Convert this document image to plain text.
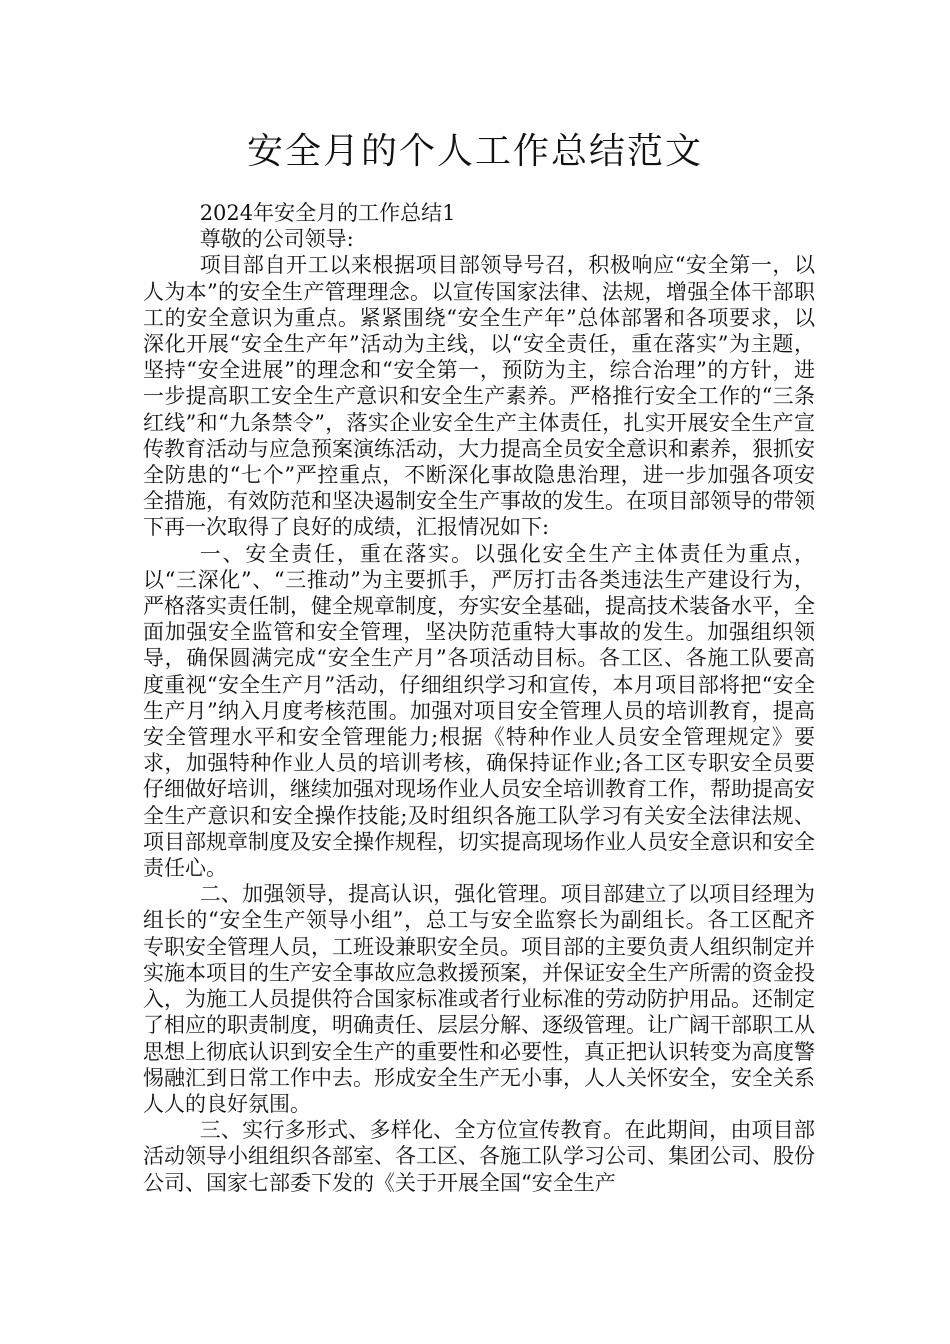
安全月的个人工作总结范文

2024年安全月的工作总结1

尊敬的公司领导:

项目部自开工以来根据项目部领导号召，积极响应“安全第一，以人为本”的安全生产管理理念。以宣传国家法律、法规，增强全体干部职工的安全意识为重点。紧紧围绕“安全生产年”总体部署和各项要求，以深化开展“安全生产年”活动为主线，以“安全责任，重在落实”为主题，坚持“安全进展”的理念和“安全第一，预防为主，综合治理”的方针，进一步提高职工安全生产意识和安全生产素养。严格推行安全工作的“三条红线”和“九条禁令”，落实企业安全生产主体责任，扎实开展安全生产宣传教育活动与应急预案演练活动，大力提高全员安全意识和素养，狠抓安全防患的“七个”严控重点，不断深化事故隐患治理，进一步加强各项安全措施，有效防范和坚决遏制安全生产事故的发生。在项目部领导的带领下再一次取得了良好的成绩，汇报情况如下:

一、安全责任，重在落实。以强化安全生产主体责任为重点，以“三深化”、“三推动”为主要抓手，严厉打击各类违法生产建设行为，严格落实责任制，健全规章制度，夯实安全基础，提高技术装备水平，全面加强安全监管和安全管理，坚决防范重特大事故的发生。加强组织领导，确保圆满完成“安全生产月”各项活动目标。各工区、各施工队要高度重视“安全生产月”活动，仔细组织学习和宣传，本月项目部将把“安全生产月”纳入月度考核范围。加强对项目安全管理人员的培训教育，提高安全管理水平和安全管理能力;根据《特种作业人员安全管理规定》要求，加强特种作业人员的培训考核，确保持证作业;各工区专职安全员要仔细做好培训，继续加强对现场作业人员安全培训教育工作，帮助提高安全生产意识和安全操作技能;及时组织各施工队学习有关安全法律法规、项目部规章制度及安全操作规程，切实提高现场作业人员安全意识和安全责任心。

二、加强领导，提高认识，强化管理。项目部建立了以项目经理为组长的“安全生产领导小组”，总工与安全监察长为副组长。各工区配齐专职安全管理人员，工班设兼职安全员。项目部的主要负责人组织制定并实施本项目的生产安全事故应急救援预案，并保证安全生产所需的资金投入，为施工人员提供符合国家标准或者行业标准的劳动防护用品。还制定了相应的职责制度，明确责任、层层分解、逐级管理。让广阔干部职工从思想上彻底认识到安全生产的重要性和必要性，真正把认识转变为高度警惕融汇到日常工作中去。形成安全生产无小事，人人关怀安全，安全关系人人的良好氛围。

三、实行多形式、多样化、全方位宣传教育。在此期间，由项目部活动领导小组组织各部室、各工区、各施工队学习公司、集团公司、股份公司、国家七部委下发的《关于开展全国“安全生产
